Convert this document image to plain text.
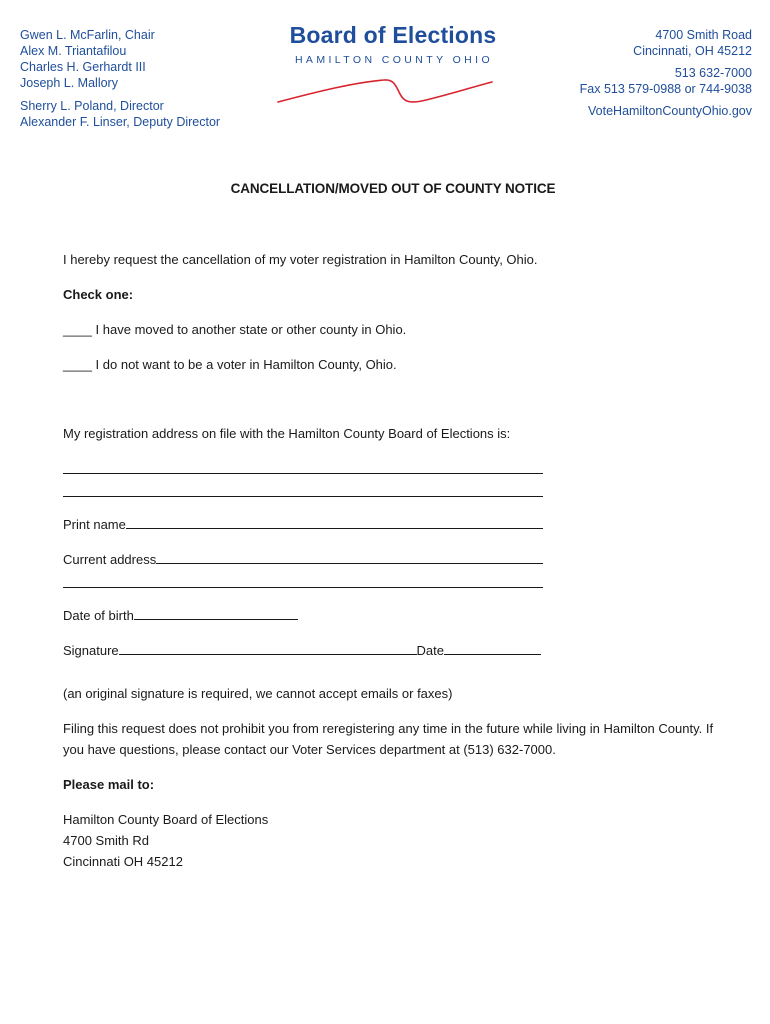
Gwen L. McFarlin, Chair
Alex M. Triantafilou
Charles H. Gerhardt III
Joseph L. Mallory
Sherry L. Poland, Director
Alexander F. Linser, Deputy Director
Board of Elections
HAMILTON COUNTY OHIO
4700 Smith Road
Cincinnati, OH 45212
513 632-7000
Fax 513 579-0988 or 744-9038
VoteHamiltonCountyOhio.gov
CANCELLATION/MOVED OUT OF COUNTY NOTICE
I hereby request the cancellation of my voter registration in Hamilton County, Ohio.
Check one:
____ I have moved to another state or other county in Ohio.
____ I do not want to be a voter in Hamilton County, Ohio.
My registration address on file with the Hamilton County Board of Elections is:
Print name
Current address
Date of birth
Signature	Date
(an original signature is required, we cannot accept emails or faxes)
Filing this request does not prohibit you from reregistering any time in the future while living in Hamilton County. If you have questions, please contact our Voter Services department at (513) 632-7000.
Please mail to:
Hamilton County Board of Elections
4700 Smith Rd
Cincinnati OH 45212
